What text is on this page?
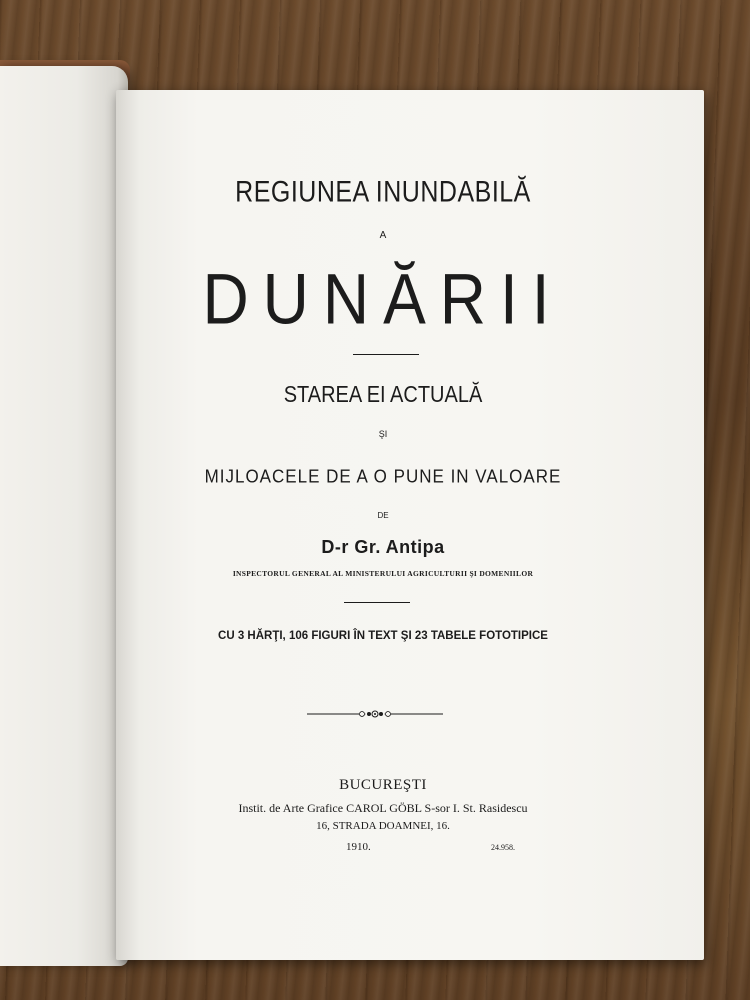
REGIUNEA INUNDABILĂ
A
DUNĂRII
STAREA EI ACTUALĂ
ŞI
MIJLOACELE DE A O PUNE IN VALOARE
DE
D-r Gr. Antipa
INSPECTORUL GENERAL AL MINISTERULUI AGRICULTURII ŞI DOMENIILOR
CU 3 HĂRŢI, 106 FIGURI ÎN TEXT ŞI 23 TABELE FOTOTIPICE
BUCUREŞTI
Instit. de Arte Grafice CAROL GÖBL S-sor I. St. Rasidescu
16, STRADA DOAMNEI, 16.
1910.	24.958.
